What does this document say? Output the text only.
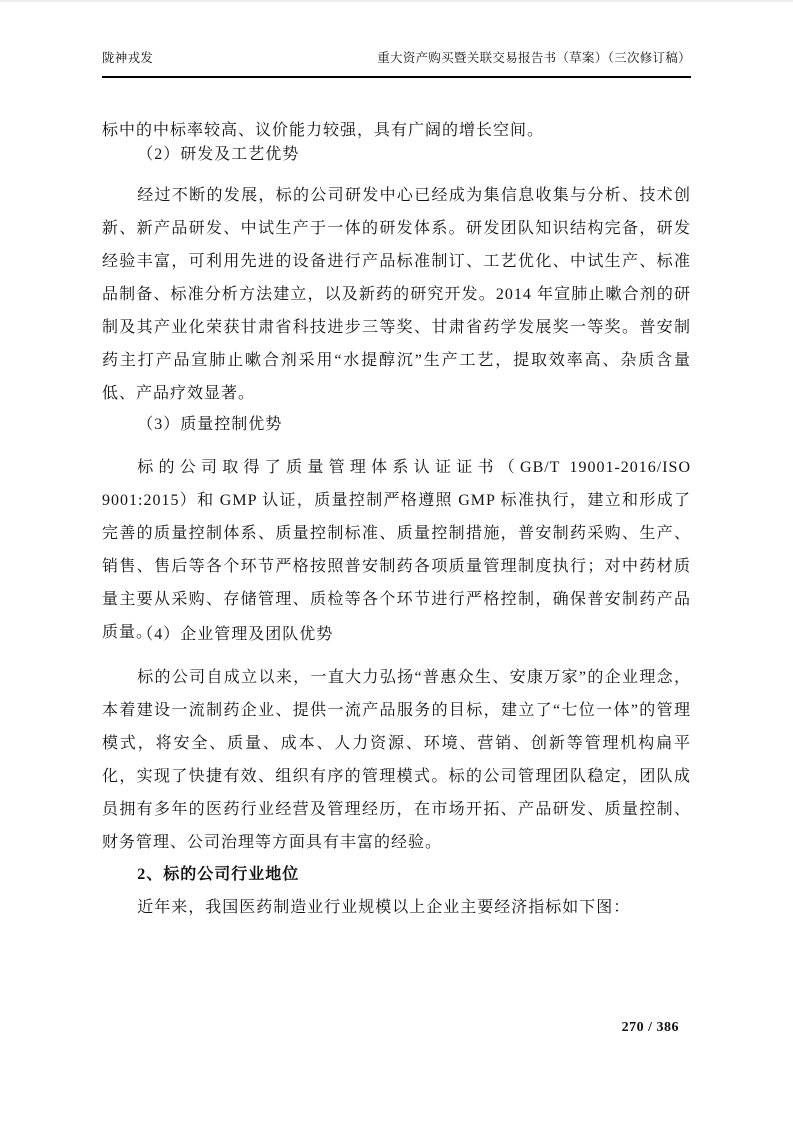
陇神戎发	重大资产购买暨关联交易报告书（草案）（三次修订稿）

标中的中标率较高、议价能力较强，具有广阔的增长空间。

（2）研发及工艺优势

经过不断的发展，标的公司研发中心已经成为集信息收集与分析、技术创新、新产品研发、中试生产于一体的研发体系。研发团队知识结构完备，研发经验丰富，可利用先进的设备进行产品标准制订、工艺优化、中试生产、标准品制备、标准分析方法建立，以及新药的研究开发。2014 年宣肺止嗽合剂的研制及其产业化荣获甘肃省科技进步三等奖、甘肃省药学发展奖一等奖。普安制药主打产品宣肺止嗽合剂采用“水提醇沉”生产工艺，提取效率高、杂质含量低、产品疗效显著。

（3）质量控制优势

标的公司取得了质量管理体系认证证书（GB/T 19001-2016/ISO 9001:2015）和 GMP 认证，质量控制严格遵照 GMP 标准执行，建立和形成了完善的质量控制体系、质量控制标准、质量控制措施，普安制药采购、生产、销售、售后等各个环节严格按照普安制药各项质量管理制度执行；对中药材质量主要从采购、存储管理、质检等各个环节进行严格控制，确保普安制药产品质量。

（4）企业管理及团队优势

标的公司自成立以来，一直大力弘扬“普惠众生、安康万家”的企业理念，本着建设一流制药企业、提供一流产品服务的目标，建立了“七位一体”的管理模式，将安全、质量、成本、人力资源、环境、营销、创新等管理机构扁平化，实现了快捷有效、组织有序的管理模式。标的公司管理团队稳定，团队成员拥有多年的医药行业经营及管理经历，在市场开拓、产品研发、质量控制、财务管理、公司治理等方面具有丰富的经验。

2、标的公司行业地位

近年来，我国医药制造业行业规模以上企业主要经济指标如下图：

270 / 386
